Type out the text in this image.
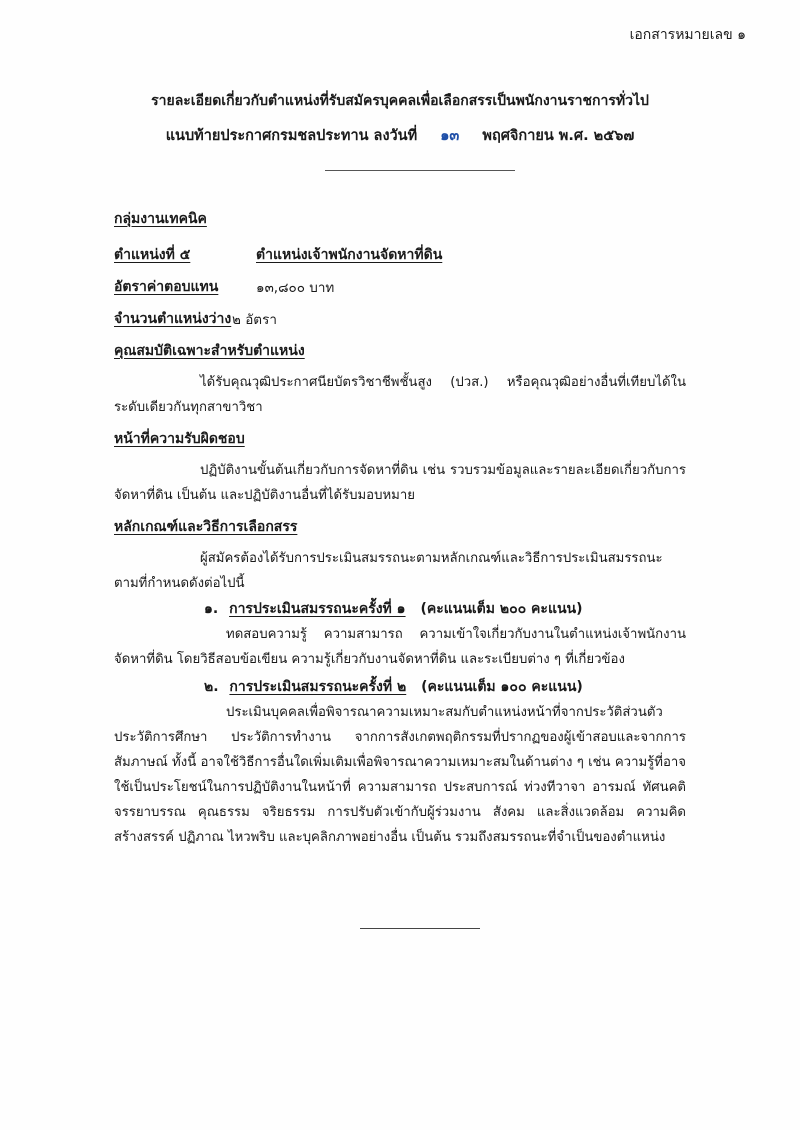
เอกสารหมายเลข ๑
รายละเอียดเกี่ยวกับตำแหน่งที่รับสมัครบุคคลเพื่อเลือกสรรเป็นพนักงานราชการทั่วไป
แนบท้ายประกาศกรมชลประทาน ลงวันที่ ๑๓ พฤศจิกายน พ.ศ. ๒๕๖๗
กลุ่มงานเทคนิค
ตำแหน่งที่ ๕	ตำแหน่งเจ้าพนักงานจัดหาที่ดิน
อัตราค่าตอบแทน	๑๓,๘๐๐ บาท
จำนวนตำแหน่งว่าง ๒ อัตรา
คุณสมบัติเฉพาะสำหรับตำแหน่ง
ได้รับคุณวุฒิประกาศนียบัตรวิชาชีพชั้นสูง (ปวส.) หรือคุณวุฒิอย่างอื่นที่เทียบได้ในระดับเดียวกันทุกสาขาวิชา
หน้าที่ความรับผิดชอบ
ปฏิบัติงานขั้นต้นเกี่ยวกับการจัดหาที่ดิน เช่น รวบรวมข้อมูลและรายละเอียดเกี่ยวกับการจัดหาที่ดิน เป็นต้น และปฏิบัติงานอื่นที่ได้รับมอบหมาย
หลักเกณฑ์และวิธีการเลือกสรร
ผู้สมัครต้องได้รับการประเมินสมรรถนะตามหลักเกณฑ์และวิธีการประเมินสมรรถนะตามที่กำหนดดังต่อไปนี้
๑. การประเมินสมรรถนะครั้งที่ ๑ (คะแนนเต็ม ๒๐๐ คะแนน)
ทดสอบความรู้ ความสามารถ ความเข้าใจเกี่ยวกับงานในตำแหน่งเจ้าพนักงานจัดหาที่ดิน โดยวิธีสอบข้อเขียน ความรู้เกี่ยวกับงานจัดหาที่ดิน และระเบียบต่าง ๆ ที่เกี่ยวข้อง
๒. การประเมินสมรรถนะครั้งที่ ๒ (คะแนนเต็ม ๑๐๐ คะแนน)
ประเมินบุคคลเพื่อพิจารณาความเหมาะสมกับตำแหน่งหน้าที่จากประวัติส่วนตัว ประวัติการศึกษา ประวัติการทำงาน จากการสังเกตพฤติกรรมที่ปรากฏของผู้เข้าสอบและจากการสัมภาษณ์ ทั้งนี้ อาจใช้วิธีการอื่นใดเพิ่มเติมเพื่อพิจารณาความเหมาะสมในด้านต่าง ๆ เช่น ความรู้ที่อาจใช้เป็นประโยชน์ในการปฏิบัติงานในหน้าที่ ความสามารถ ประสบการณ์ ท่วงทีวาจา อารมณ์ ทัศนคติ จรรยาบรรณ คุณธรรม จริยธรรม การปรับตัวเข้ากับผู้ร่วมงาน สังคม และสิ่งแวดล้อม ความคิดสร้างสรรค์ ปฏิภาณ ไหวพริบ และบุคลิกภาพอย่างอื่น เป็นต้น รวมถึงสมรรถนะที่จำเป็นของตำแหน่ง
